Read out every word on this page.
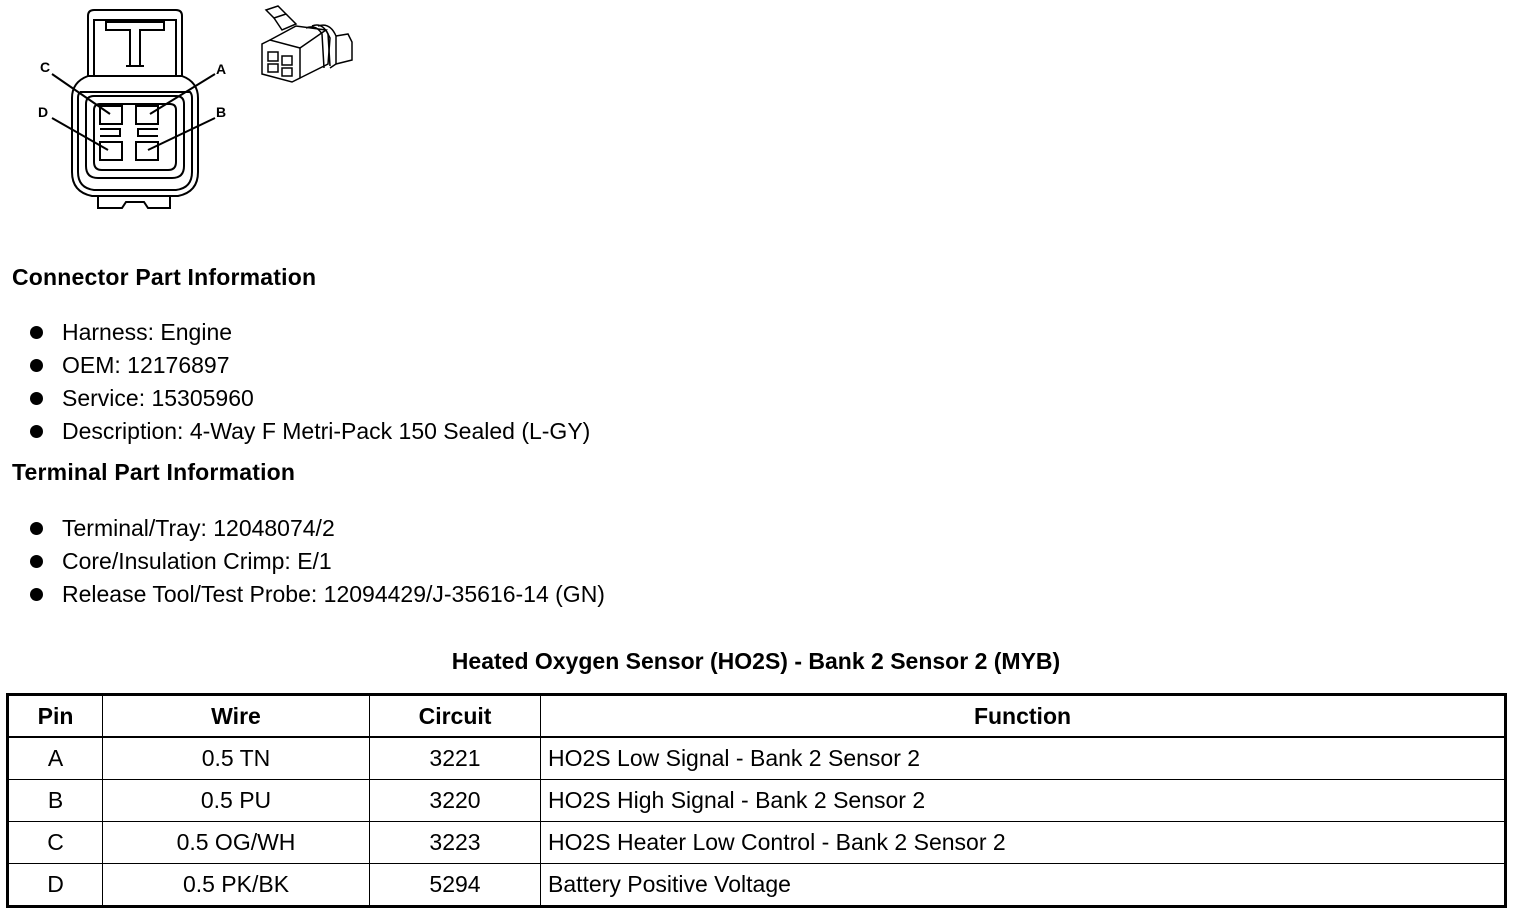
C	A
D	B
Connector Part Information
Harness: Engine
OEM: 12176897
Service: 15305960
Description: 4-Way F Metri-Pack 150 Sealed (L-GY)
Terminal Part Information
Terminal/Tray: 12048074/2
Core/Insulation Crimp: E/1
Release Tool/Test Probe: 12094429/J-35616-14 (GN)
Heated Oxygen Sensor (HO2S) - Bank 2 Sensor 2 (MYB)
Pin	Wire	Circuit	Function
A	0.5 TN	3221	HO2S Low Signal - Bank 2 Sensor 2
B	0.5 PU	3220	HO2S High Signal - Bank 2 Sensor 2
C	0.5 OG/WH	3223	HO2S Heater Low Control - Bank 2 Sensor 2
D	0.5 PK/BK	5294	Battery Positive Voltage
